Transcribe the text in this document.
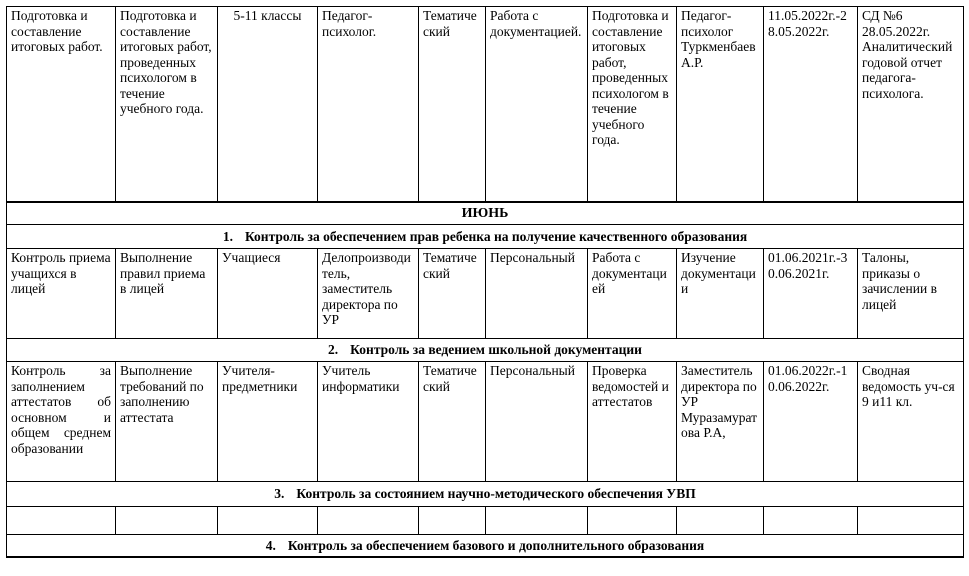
Подготовка и составление итоговых работ.	Подготовка и составление итоговых работ, проведенных психологом в течение учебного года.	5-11 классы	Педагог-психолог.	Тематический	Работа с документацией.	Подготовка и составление итоговых работ, проведенных психологом в течение учебного года.	Педагог-психолог Туркменбаев А.Р.	11.05.2022г.-28.05.2022г.	СД №6 28.05.2022г. Аналитический годовой отчет педагога-психолога.
ИЮНЬ									
1. Контроль за обеспечением прав ребенка на получение качественного образования									
Контроль приема учащихся в лицей	Выполнение правил приема в лицей	Учащиеся	Делопроизводитель, заместитель директора по УР	Тематический	Персональный	Работа с документацией	Изучение документации	01.06.2021г.-30.06.2021г.	Талоны, приказы о зачислении в лицей
2. Контроль за ведением школьной документации									
Контроль за заполнением аттестатов об основном и общем среднем образовании	Выполнение требований по заполнению аттестата	Учителя-предметники	Учитель информатики	Тематический	Персональный	Проверка ведомостей и аттестатов	Заместитель директора по УР Муразамуратова Р.А,	01.06.2022г.-10.06.2022г.	Сводная ведомость уч-ся 9 и11 кл.
3. Контроль за состоянием научно-методического обеспечения УВП									

4. Контроль за обеспечением базового и дополнительного образования									
